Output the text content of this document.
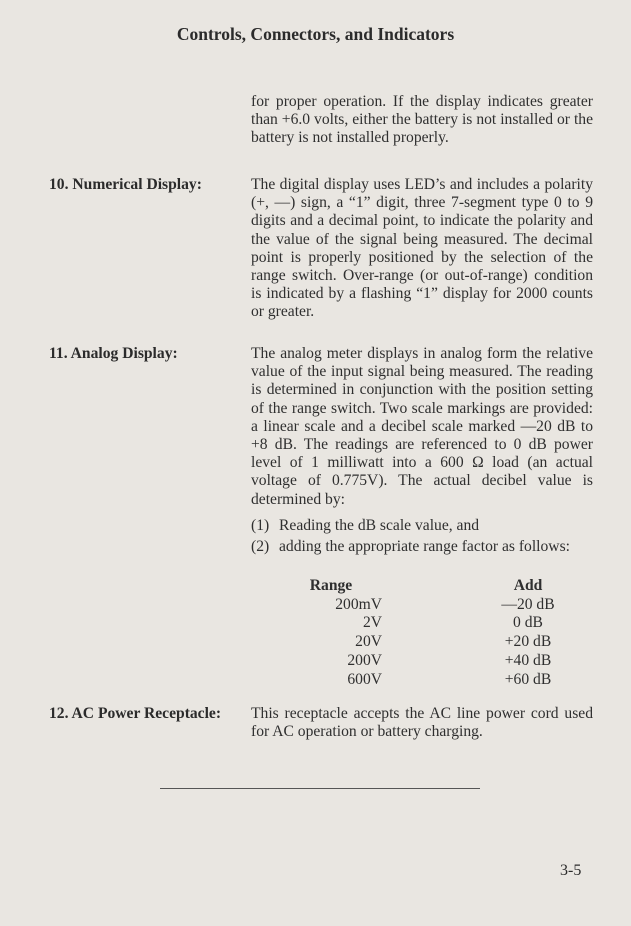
Controls, Connectors, and Indicators
for proper operation. If the display indicates greater than +6.0 volts, either the battery is not installed or the battery is not installed properly.
10. Numerical Display:	The digital display uses LED’s and includes a polarity (+, —) sign, a “1” digit, three 7-segment type 0 to 9 digits and a decimal point, to indicate the polarity and the value of the signal being measured. The decimal point is properly positioned by the selection of the range switch. Over-range (or out-of-range) condition is indicated by a flashing “1” display for 2000 counts or greater.
11. Analog Display:	The analog meter displays in analog form the relative value of the input signal being measured. The reading is determined in conjunction with the position setting of the range switch. Two scale markings are provided: a linear scale and a decibel scale marked —20 dB to +8 dB. The readings are referenced to 0 dB power level of 1 milliwatt into a 600 Ω load (an actual voltage of 0.775V). The actual decibel value is determined by:
(1) Reading the dB scale value, and
(2) adding the appropriate range factor as follows:
Range		Add
200mV		—20 dB
2V		0 dB
20V		+20 dB
200V		+40 dB
600V		+60 dB
12. AC Power Receptacle: This receptacle accepts the AC line power cord used for AC operation or battery charging.
3-5
